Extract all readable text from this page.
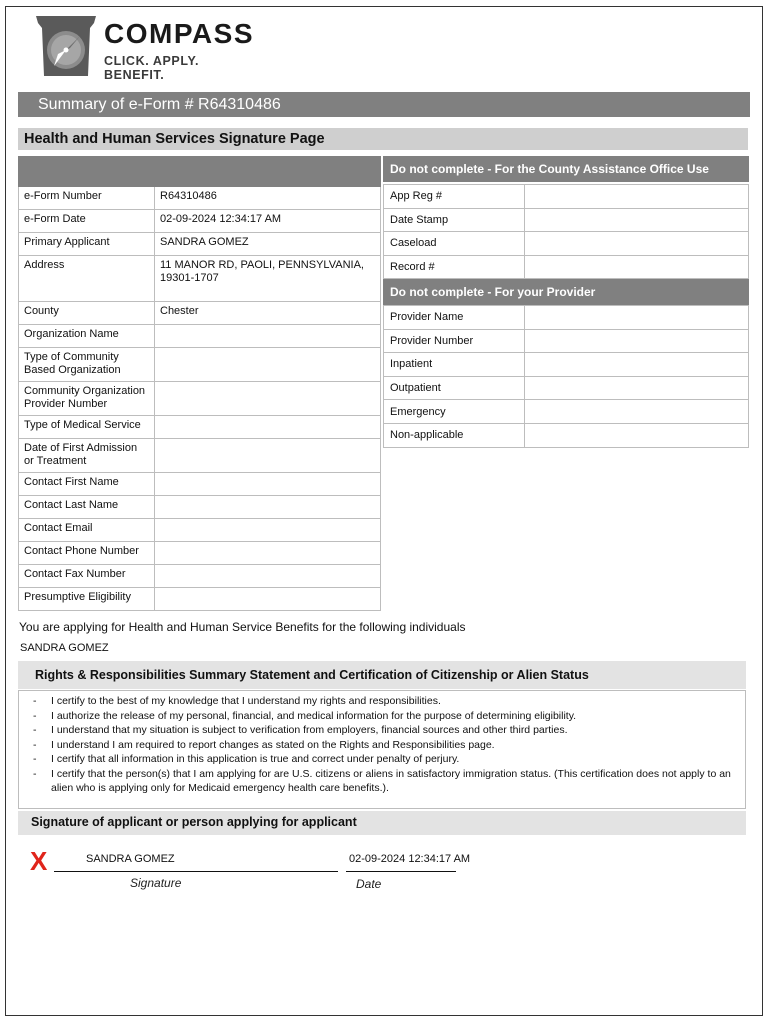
COMPASS
CLICK. APPLY. BENEFIT.
Summary of e-Form # R64310486
Health and Human Services Signature Page

e-Form Number	R64310486
e-Form Date	02-09-2024 12:34:17 AM
Primary Applicant	SANDRA GOMEZ
Address	11 MANOR RD, PAOLI, PENNSYLVANIA, 19301-1707
County	Chester
Organization Name	
Type of Community Based Organization	
Community Organization Provider Number	
Type of Medical Service	
Date of First Admission or Treatment	
Contact First Name	
Contact Last Name	
Contact Email	
Contact Phone Number	
Contact Fax Number	
Presumptive Eligibility	
Do not complete - For the County Assistance Office Use
App Reg #	
Date Stamp	
Caseload	
Record #	
Do not complete - For your Provider
Provider Name	
Provider Number	
Inpatient	
Outpatient	
Emergency	
Non-applicable	
You are applying for Health and Human Service Benefits for the following individuals
SANDRA GOMEZ
Rights & Responsibilities Summary Statement and Certification of Citizenship or Alien Status
- I certify to the best of my knowledge that I understand my rights and responsibilities.
- I authorize the release of my personal, financial, and medical information for the purpose of determining eligibility.
- I understand that my situation is subject to verification from employers, financial sources and other third parties.
- I understand I am required to report changes as stated on the Rights and Responsibilities page.
- I certify that all information in this application is true and correct under penalty of perjury.
- I certify that the person(s) that I am applying for are U.S. citizens or aliens in satisfactory immigration status. (This certification does not apply to an alien who is applying only for Medicaid emergency health care benefits.).
Signature of applicant or person applying for applicant
X	SANDRA GOMEZ
Signature
02-09-2024 12:34:17 AM
Date
